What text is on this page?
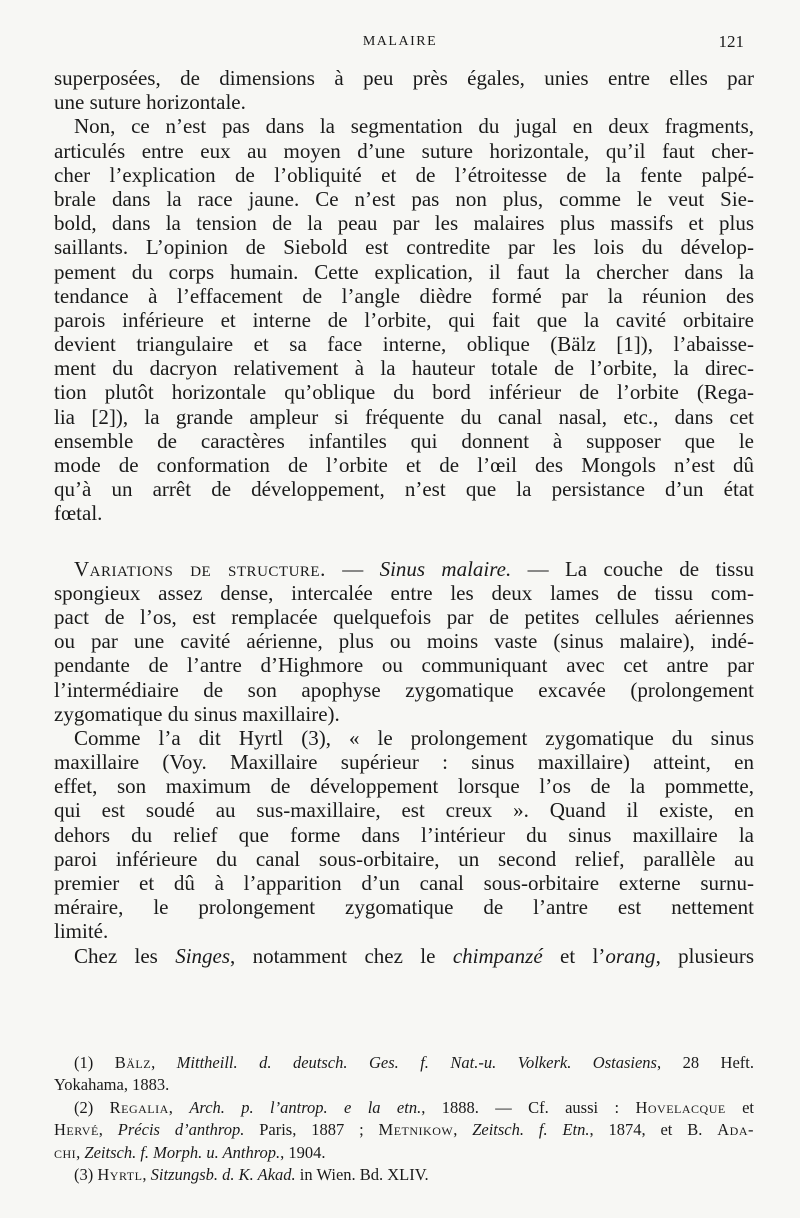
MALAIRE	121
superposées, de dimensions à peu près égales, unies entre elles par
une suture horizontale.
Non, ce n’est pas dans la segmentation du jugal en deux fragments,
articulés entre eux au moyen d’une suture horizontale, qu’il faut cher-
cher l’explication de l’obliquité et de l’étroitesse de la fente palpé-
brale dans la race jaune. Ce n’est pas non plus, comme le veut Sie-
bold, dans la tension de la peau par les malaires plus massifs et plus
saillants. L’opinion de Siebold est contredite par les lois du dévelop-
pement du corps humain. Cette explication, il faut la chercher dans la
tendance à l’effacement de l’angle dièdre formé par la réunion des
parois inférieure et interne de l’orbite, qui fait que la cavité orbitaire
devient triangulaire et sa face interne, oblique (Bälz [1]), l’abaisse-
ment du dacryon relativement à la hauteur totale de l’orbite, la direc-
tion plutôt horizontale qu’oblique du bord inférieur de l’orbite (Rega-
lia [2]), la grande ampleur si fréquente du canal nasal, etc., dans cet
ensemble de caractères infantiles qui donnent à supposer que le
mode de conformation de l’orbite et de l’œil des Mongols n’est dû
qu’à un arrêt de développement, n’est que la persistance d’un état
fœtal.
Variations de structure. — Sinus malaire. — La couche de tissu
spongieux assez dense, intercalée entre les deux lames de tissu com-
pact de l’os, est remplacée quelquefois par de petites cellules aériennes
ou par une cavité aérienne, plus ou moins vaste (sinus malaire), indé-
pendante de l’antre d’Highmore ou communiquant avec cet antre par
l’intermédiaire de son apophyse zygomatique excavée (prolongement
zygomatique du sinus maxillaire).
Comme l’a dit Hyrtl (3), « le prolongement zygomatique du sinus
maxillaire (Voy. Maxillaire supérieur : sinus maxillaire) atteint, en
effet, son maximum de développement lorsque l’os de la pommette,
qui est soudé au sus-maxillaire, est creux ». Quand il existe, en
dehors du relief que forme dans l’intérieur du sinus maxillaire la
paroi inférieure du canal sous-orbitaire, un second relief, parallèle au
premier et dû à l’apparition d’un canal sous-orbitaire externe surnu-
méraire, le prolongement zygomatique de l’antre est nettement
limité.
Chez les Singes, notamment chez le chimpanzé et l’orang, plusieurs
(1) Bälz, Mittheill. d. deutsch. Ges. f. Nat.-u. Volkerk. Ostasiens, 28 Heft.
Yokahama, 1883.
(2) Regalia, Arch. p. l’antrop. e la etn., 1888. — Cf. aussi : Hovelacque et
Hervé, Précis d’anthrop. Paris, 1887 ; Metnikow, Zeitsch. f. Etn., 1874, et B. Ada-
chi, Zeitsch. f. Morph. u. Anthrop., 1904.
(3) Hyrtl, Sitzungsb. d. K. Akad. in Wien. Bd. XLIV.
